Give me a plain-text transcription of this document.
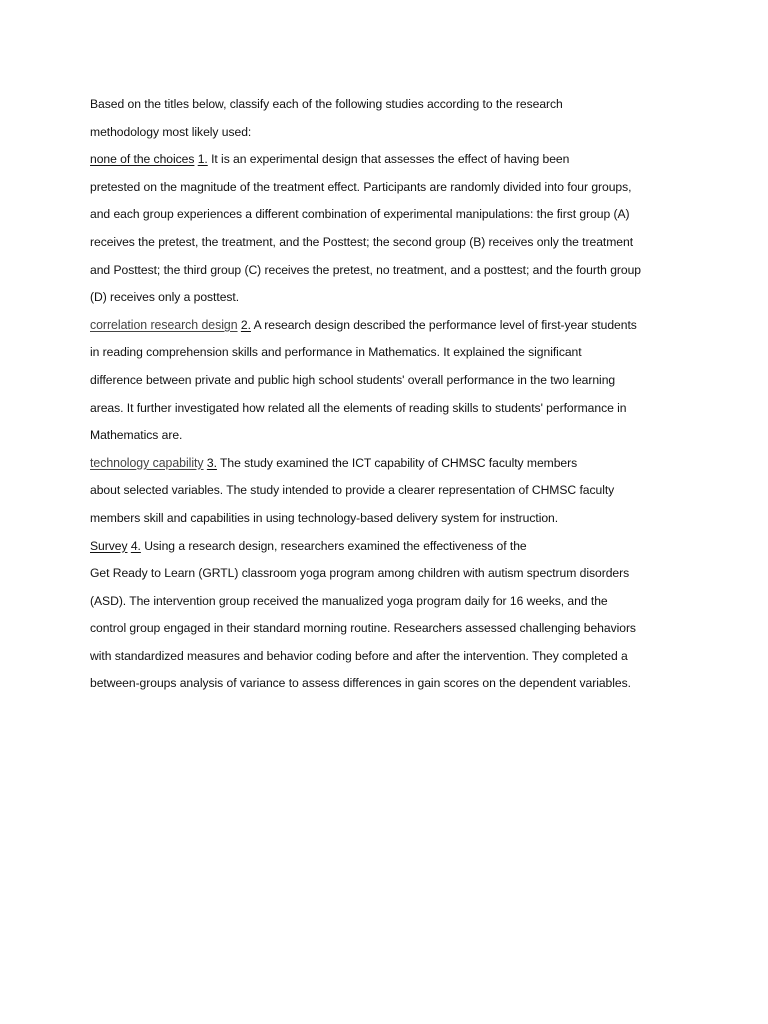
Based on the titles below, classify each of the following studies according to the research
methodology most likely used:
none of the choices 1. It is an experimental design that assesses the effect of having been
pretested on the magnitude of the treatment effect. Participants are randomly divided into four groups,
and each group experiences a different combination of experimental manipulations: the first group (A)
receives the pretest, the treatment, and the Posttest; the second group (B) receives only the treatment
and Posttest; the third group (C) receives the pretest, no treatment, and a posttest; and the fourth group
(D) receives only a posttest.
correlation research design 2. A research design described the performance level of first-year students
in reading comprehension skills and performance in Mathematics. It explained the significant
difference between private and public high school students' overall performance in the two learning
areas. It further investigated how related all the elements of reading skills to students' performance in
Mathematics are.
technology capability 3. The study examined the ICT capability of CHMSC faculty members
about selected variables. The study intended to provide a clearer representation of CHMSC faculty
members skill and capabilities in using technology-based delivery system for instruction.
Survey 4. Using a research design, researchers examined the effectiveness of the
Get Ready to Learn (GRTL) classroom yoga program among children with autism spectrum disorders
(ASD). The intervention group received the manualized yoga program daily for 16 weeks, and the
control group engaged in their standard morning routine. Researchers assessed challenging behaviors
with standardized measures and behavior coding before and after the intervention. They completed a
between-groups analysis of variance to assess differences in gain scores on the dependent variables.
